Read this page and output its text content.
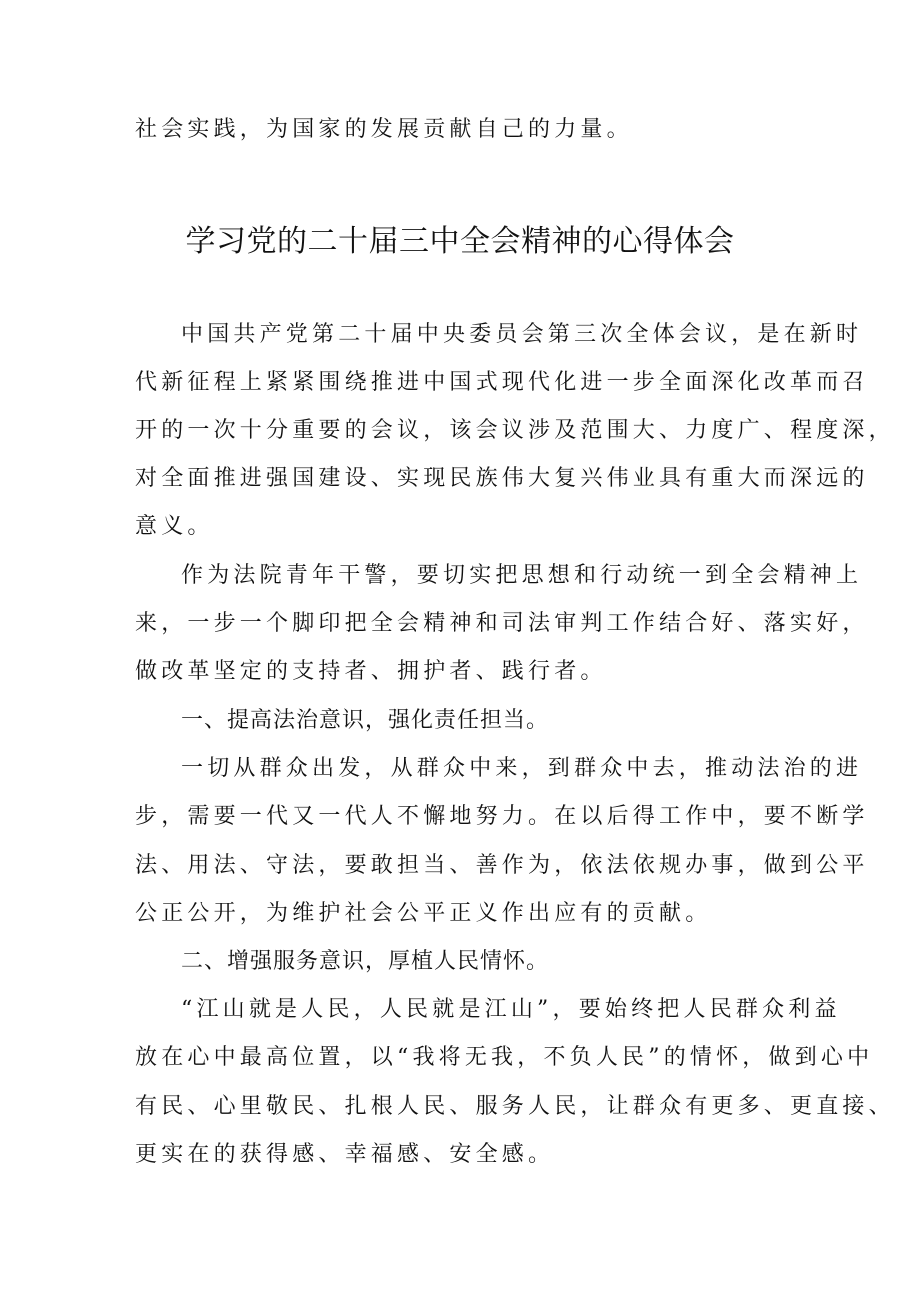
社会实践，为国家的发展贡献自己的力量。
学习党的二十届三中全会精神的心得体会
中国共产党第二十届中央委员会第三次全体会议，是在新时
代新征程上紧紧围绕推进中国式现代化进一步全面深化改革而召
开的一次十分重要的会议，该会议涉及范围大、力度广、程度深，
对全面推进强国建设、实现民族伟大复兴伟业具有重大而深远的
意义。
作为法院青年干警，要切实把思想和行动统一到全会精神上
来，一步一个脚印把全会精神和司法审判工作结合好、落实好，
做改革坚定的支持者、拥护者、践行者。
一、提高法治意识，强化责任担当。
一切从群众出发，从群众中来，到群众中去，推动法治的进
步，需要一代又一代人不懈地努力。在以后得工作中，要不断学
法、用法、守法，要敢担当、善作为，依法依规办事，做到公平
公正公开，为维护社会公平正义作出应有的贡献。
二、增强服务意识，厚植人民情怀。
“江山就是人民，人民就是江山”，要始终把人民群众利益
放在心中最高位置，以“我将无我，不负人民”的情怀，做到心中
有民、心里敬民、扎根人民、服务人民，让群众有更多、更直接、
更实在的获得感、幸福感、安全感。
